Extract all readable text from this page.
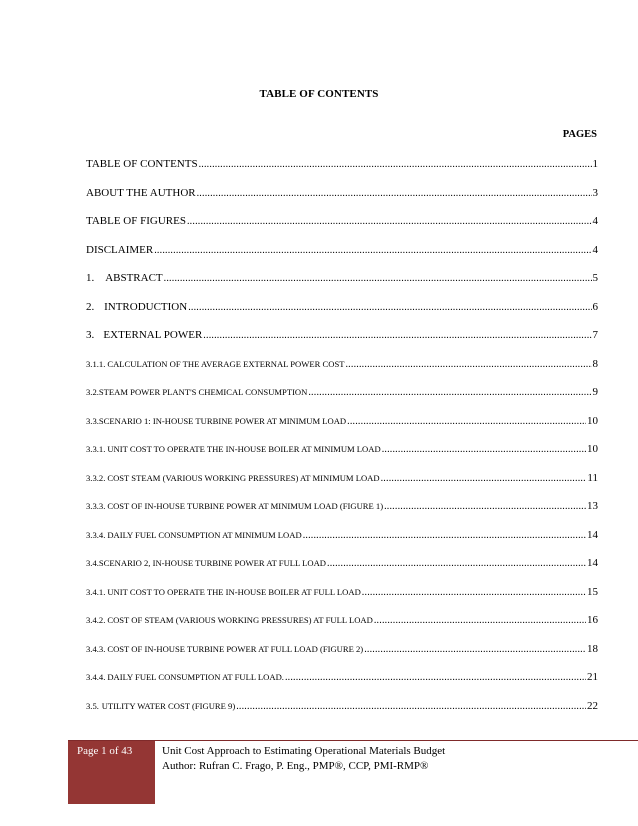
TABLE OF CONTENTS
PAGES
TABLE OF CONTENTS .....	1
ABOUT THE AUTHOR .....	3
TABLE OF FIGURES .....	4
DISCLAIMER .....	4
1. ABSTRACT .....	5
2. INTRODUCTION .....	6
3. EXTERNAL POWER .....	7
3.1.1. CALCULATION OF THE AVERAGE EXTERNAL POWER COST .....	8
3.2. STEAM POWER PLANT'S CHEMICAL CONSUMPTION .....	9
3.3. SCENARIO 1: IN-HOUSE TURBINE POWER AT MINIMUM LOAD .....	10
3.3.1. UNIT COST TO OPERATE THE IN-HOUSE BOILER AT MINIMUM LOAD .....	10
3.3.2. COST STEAM (VARIOUS WORKING PRESSURES) AT MINIMUM LOAD .....	11
3.3.3. COST OF IN-HOUSE TURBINE POWER AT MINIMUM LOAD (FIGURE 1) .....	13
3.3.4. DAILY FUEL CONSUMPTION AT MINIMUM LOAD .....	14
3.4. SCENARIO 2, IN-HOUSE TURBINE POWER AT FULL LOAD .....	14
3.4.1. UNIT COST TO OPERATE THE IN-HOUSE BOILER AT FULL LOAD .....	15
3.4.2. COST OF STEAM (VARIOUS WORKING PRESSURES) AT FULL LOAD .....	16
3.4.3. COST OF IN-HOUSE TURBINE POWER AT FULL LOAD (FIGURE 2) .....	18
3.4.4. DAILY FUEL CONSUMPTION AT FULL LOAD. .....	21
3.5. UTILITY WATER COST (FIGURE 9) .....	22
Page 1 of 43	Unit Cost Approach to Estimating Operational Materials Budget
Author: Rufran C. Frago, P. Eng., PMP®, CCP, PMI-RMP®
